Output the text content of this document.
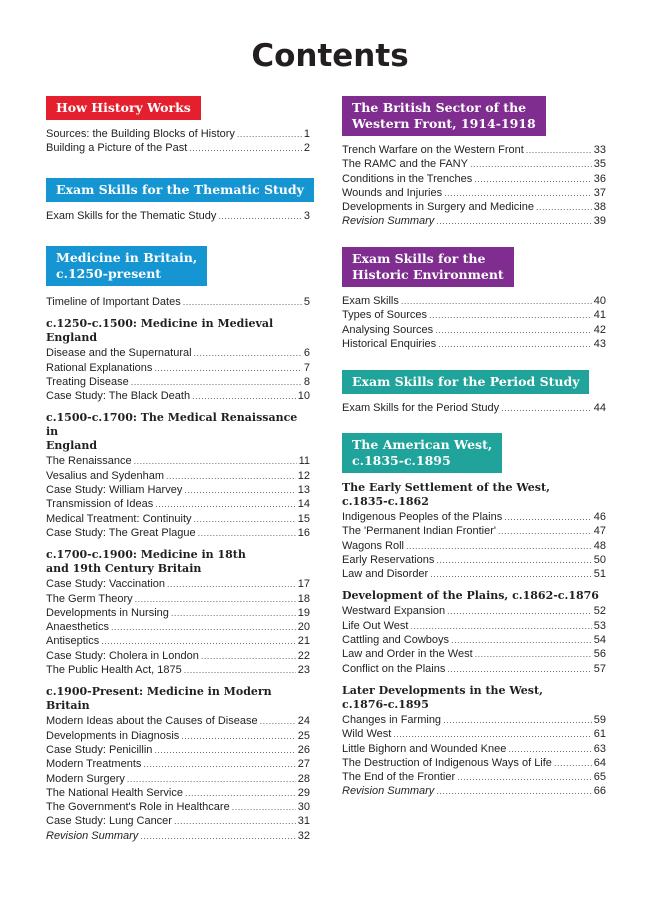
Contents
How History Works
Sources: the Building Blocks of History .....	1
Building a Picture of the Past .....	2
Exam Skills for the Thematic Study
Exam Skills for the Thematic Study .....	3
Medicine in Britain,
c.1250-present
Timeline of Important Dates .....	5
c.1250-c.1500: Medicine in Medieval England
Disease and the Supernatural .....	6
Rational Explanations .....	7
Treating Disease .....	8
Case Study: The Black Death .....	10
c.1500-c.1700: The Medical Renaissance in
England
The Renaissance .....	11
Vesalius and Sydenham .....	12
Case Study: William Harvey .....	13
Transmission of Ideas .....	14
Medical Treatment: Continuity .....	15
Case Study: The Great Plague .....	16
c.1700-c.1900: Medicine in 18th
and 19th Century Britain
Case Study: Vaccination .....	17
The Germ Theory .....	18
Developments in Nursing .....	19
Anaesthetics .....	20
Antiseptics .....	21
Case Study: Cholera in London .....	22
The Public Health Act, 1875 .....	23
c.1900-Present: Medicine in Modern Britain
Modern Ideas about the Causes of Disease .....	24
Developments in Diagnosis .....	25
Case Study: Penicillin .....	26
Modern Treatments .....	27
Modern Surgery .....	28
The National Health Service .....	29
The Government's Role in Healthcare .....	30
Case Study: Lung Cancer .....	31
Revision Summary .....	32
The British Sector of the
Western Front, 1914-1918
Trench Warfare on the Western Front .....	33
The RAMC and the FANY .....	35
Conditions in the Trenches .....	36
Wounds and Injuries .....	37
Developments in Surgery and Medicine .....	38
Revision Summary .....	39
Exam Skills for the
Historic Environment
Exam Skills .....	40
Types of Sources .....	41
Analysing Sources .....	42
Historical Enquiries .....	43
Exam Skills for the Period Study
Exam Skills for the Period Study .....	44
The American West,
c.1835-c.1895
The Early Settlement of the West,
c.1835-c.1862
Indigenous Peoples of the Plains .....	46
The 'Permanent Indian Frontier' .....	47
Wagons Roll .....	48
Early Reservations .....	50
Law and Disorder .....	51
Development of the Plains, c.1862-c.1876
Westward Expansion .....	52
Life Out West .....	53
Cattling and Cowboys .....	54
Law and Order in the West .....	56
Conflict on the Plains .....	57
Later Developments in the West,
c.1876-c.1895
Changes in Farming .....	59
Wild West .....	61
Little Bighorn and Wounded Knee .....	63
The Destruction of Indigenous Ways of Life .....	64
The End of the Frontier .....	65
Revision Summary .....	66
